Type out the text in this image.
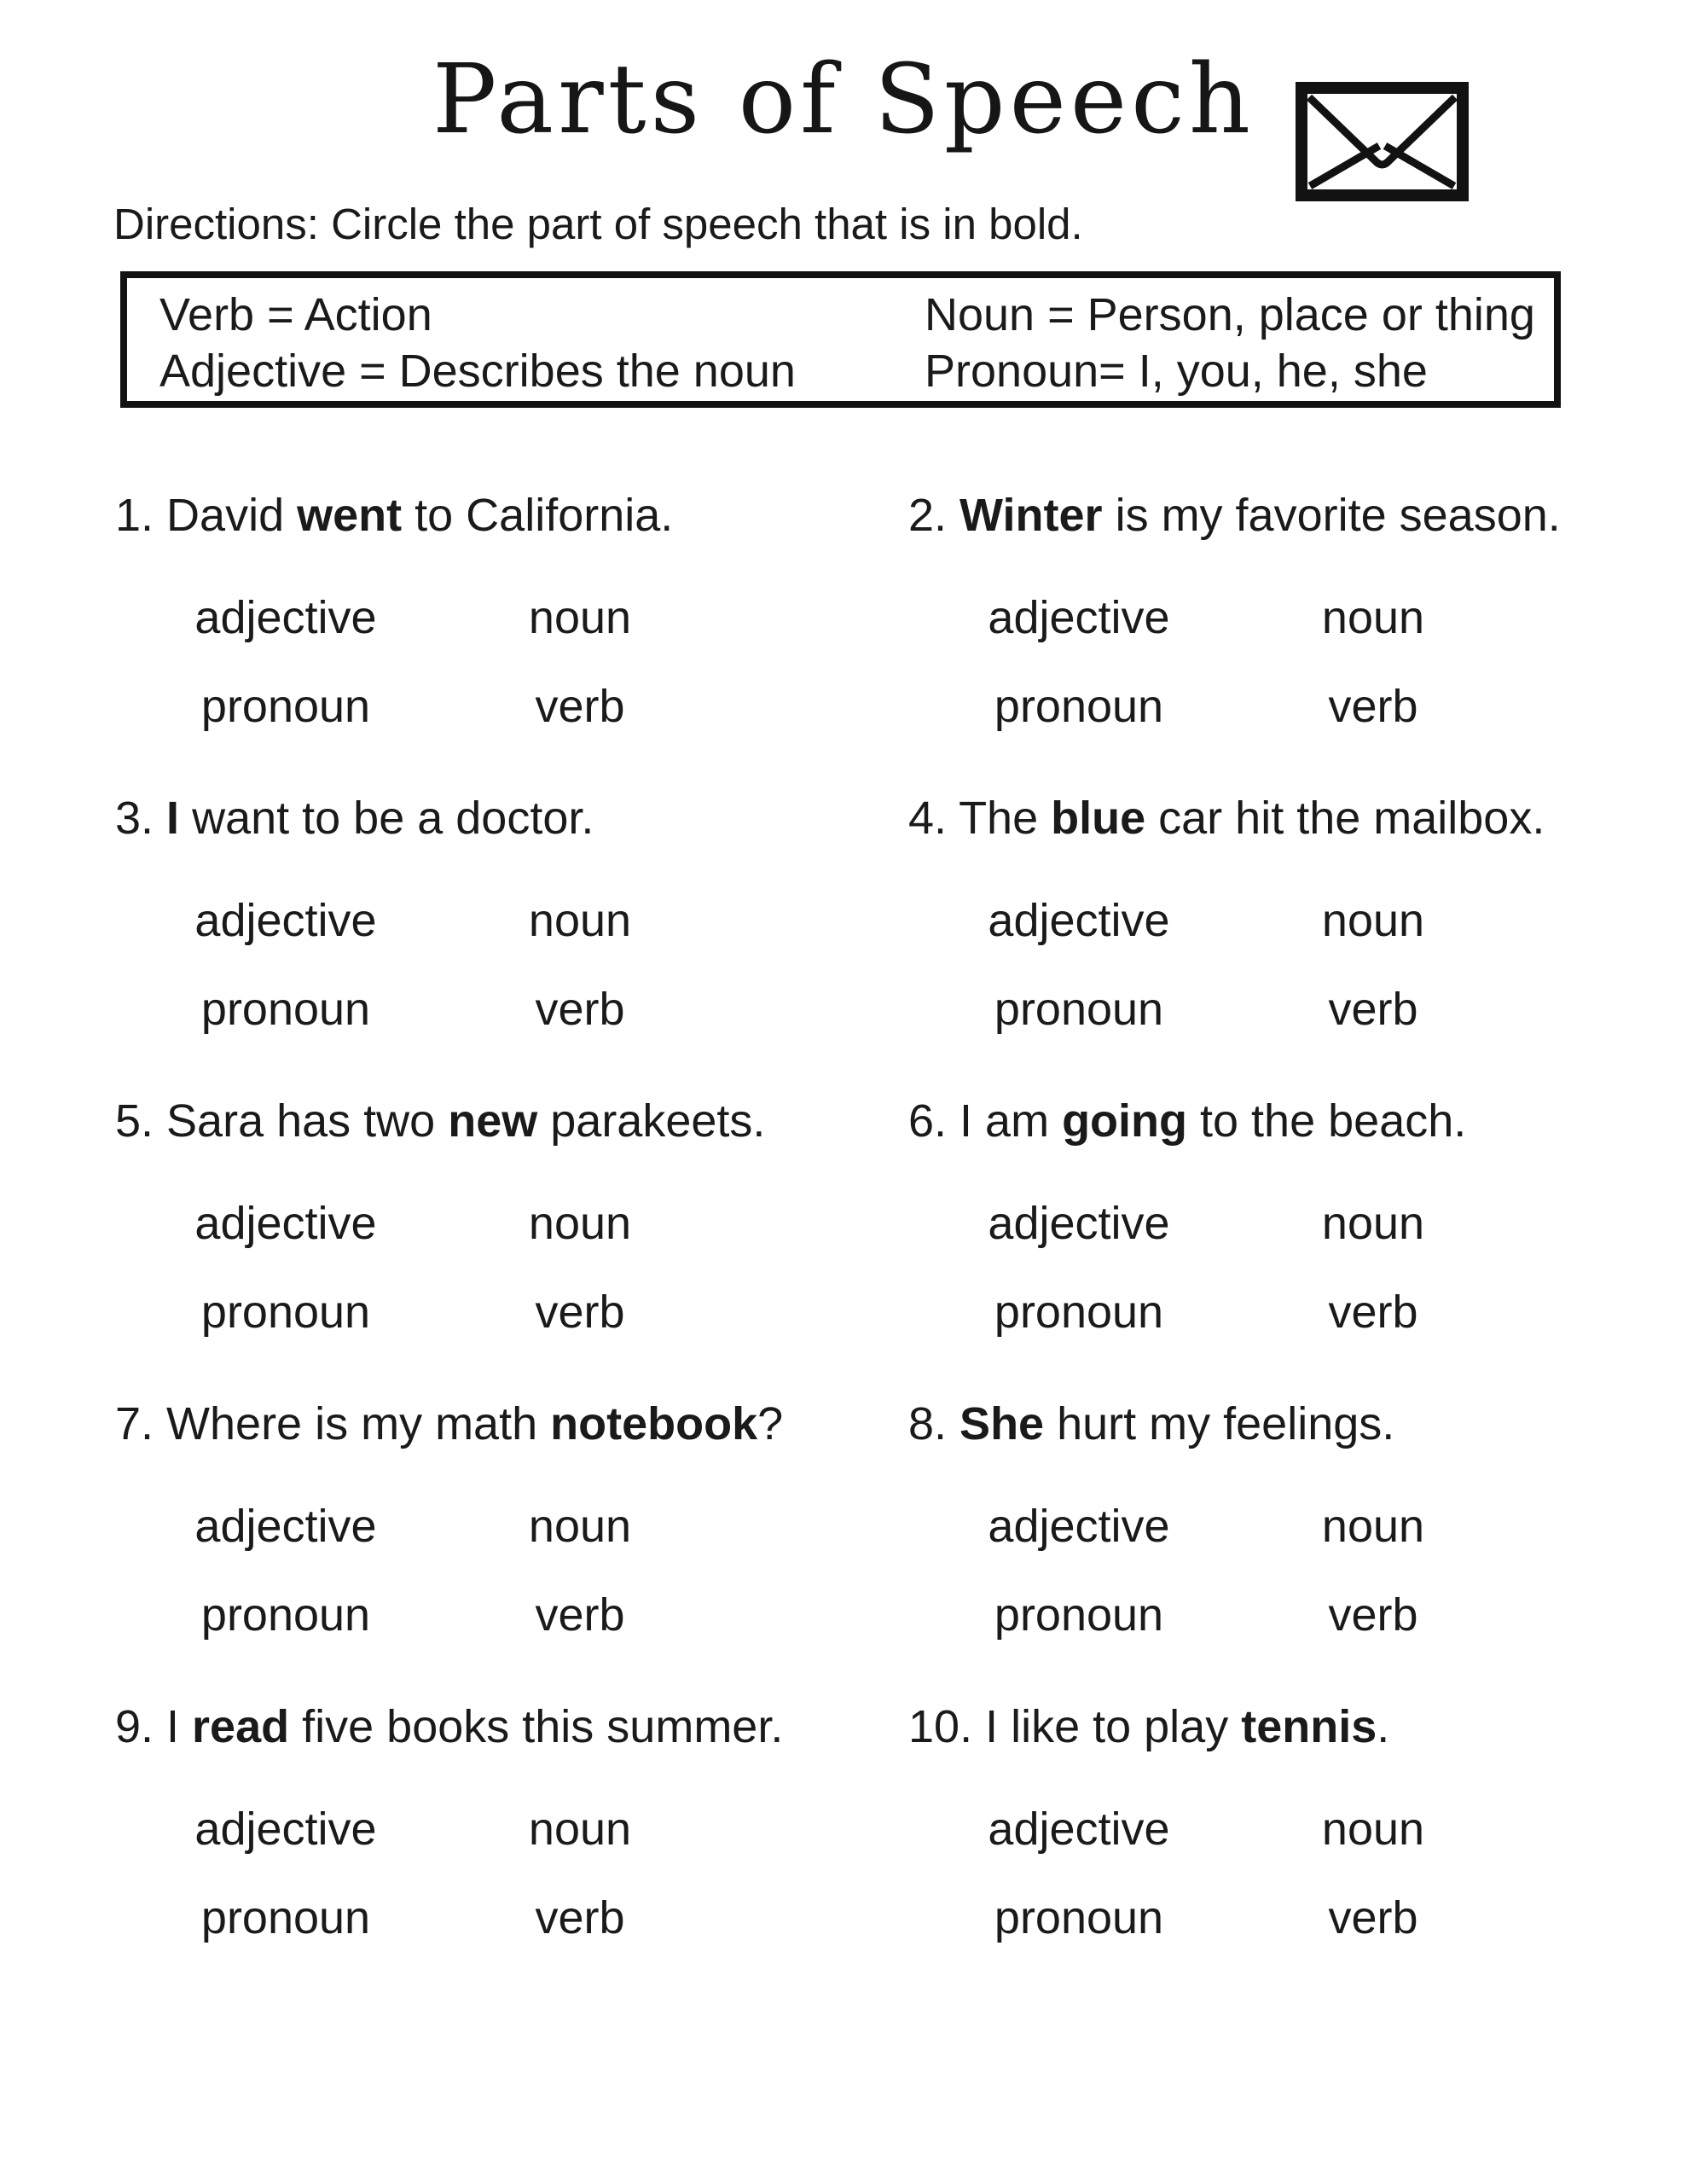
Parts of Speech
Directions: Circle the part of speech that is in bold.
Verb = Action
Adjective = Describes the noun
Noun = Person, place or thing
Pronoun= I, you, he, she
1. David went to California.
adjective	noun
pronoun	verb
2. Winter is my favorite season.
adjective	noun
pronoun	verb
3. I want to be a doctor.
adjective	noun
pronoun	verb
4. The blue car hit the mailbox.
adjective	noun
pronoun	verb
5. Sara has two new parakeets.
adjective	noun
pronoun	verb
6. I am going to the beach.
adjective	noun
pronoun	verb
7. Where is my math notebook?
adjective	noun
pronoun	verb
8. She hurt my feelings.
adjective	noun
pronoun	verb
9. I read five books this summer.
adjective	noun
pronoun	verb
10. I like to play tennis.
adjective	noun
pronoun	verb
